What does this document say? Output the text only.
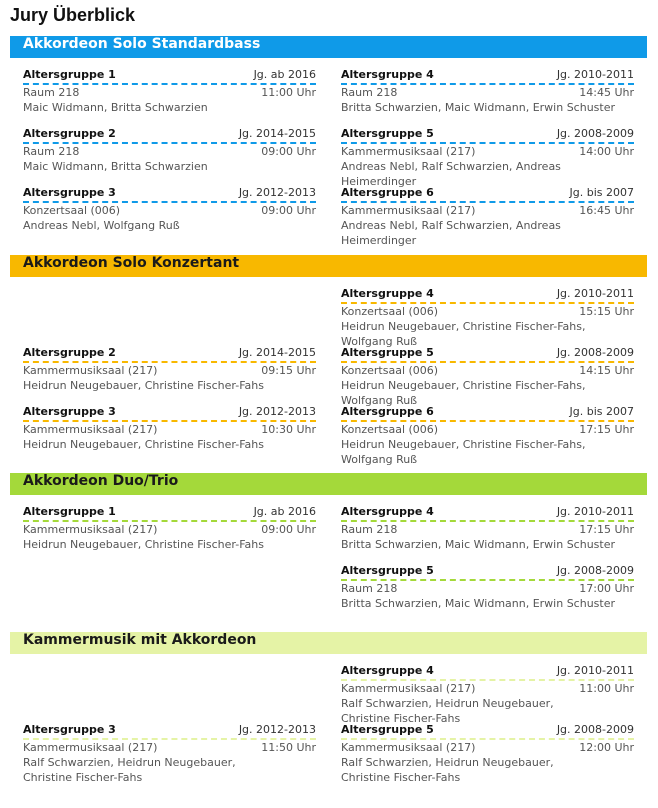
Jury Überblick
Akkordeon Solo Standardbass
Akkordeon Solo Konzertant
Akkordeon Duo/Trio
Kammermusik mit Akkordeon
Altersgruppe 1	Jg. ab 2016
Raum 218	11:00 Uhr
Maic Widmann, Britta Schwarzien
Altersgruppe 4	Jg. 2010-2011
Raum 218	14:45 Uhr
Britta Schwarzien, Maic Widmann, Erwin Schuster
Altersgruppe 2	Jg. 2014-2015
Raum 218	09:00 Uhr
Maic Widmann, Britta Schwarzien
Altersgruppe 5	Jg. 2008-2009
Kammermusiksaal (217)	14:00 Uhr
Andreas Nebl, Ralf Schwarzien, Andreas Heimerdinger
Altersgruppe 3	Jg. 2012-2013
Konzertsaal (006)	09:00 Uhr
Andreas Nebl, Wolfgang Ruß
Altersgruppe 6	Jg. bis 2007
Kammermusiksaal (217)	16:45 Uhr
Andreas Nebl, Ralf Schwarzien, Andreas Heimerdinger
Altersgruppe 4	Jg. 2010-2011
Konzertsaal (006)	15:15 Uhr
Heidrun Neugebauer, Christine Fischer-Fahs, Wolfgang Ruß
Altersgruppe 2	Jg. 2014-2015
Kammermusiksaal (217)	09:15 Uhr
Heidrun Neugebauer, Christine Fischer-Fahs
Altersgruppe 5	Jg. 2008-2009
Konzertsaal (006)	14:15 Uhr
Heidrun Neugebauer, Christine Fischer-Fahs, Wolfgang Ruß
Altersgruppe 3	Jg. 2012-2013
Kammermusiksaal (217)	10:30 Uhr
Heidrun Neugebauer, Christine Fischer-Fahs
Altersgruppe 6	Jg. bis 2007
Konzertsaal (006)	17:15 Uhr
Heidrun Neugebauer, Christine Fischer-Fahs, Wolfgang Ruß
Altersgruppe 1	Jg. ab 2016
Kammermusiksaal (217)	09:00 Uhr
Heidrun Neugebauer, Christine Fischer-Fahs
Altersgruppe 4	Jg. 2010-2011
Raum 218	17:15 Uhr
Britta Schwarzien, Maic Widmann, Erwin Schuster
Altersgruppe 5	Jg. 2008-2009
Raum 218	17:00 Uhr
Britta Schwarzien, Maic Widmann, Erwin Schuster
Altersgruppe 4	Jg. 2010-2011
Kammermusiksaal (217)	11:00 Uhr
Ralf Schwarzien, Heidrun Neugebauer,
Christine Fischer-Fahs
Altersgruppe 3	Jg. 2012-2013
Kammermusiksaal (217)	11:50 Uhr
Ralf Schwarzien, Heidrun Neugebauer,
Christine Fischer-Fahs
Altersgruppe 5	Jg. 2008-2009
Kammermusiksaal (217)	12:00 Uhr
Ralf Schwarzien, Heidrun Neugebauer,
Christine Fischer-Fahs
